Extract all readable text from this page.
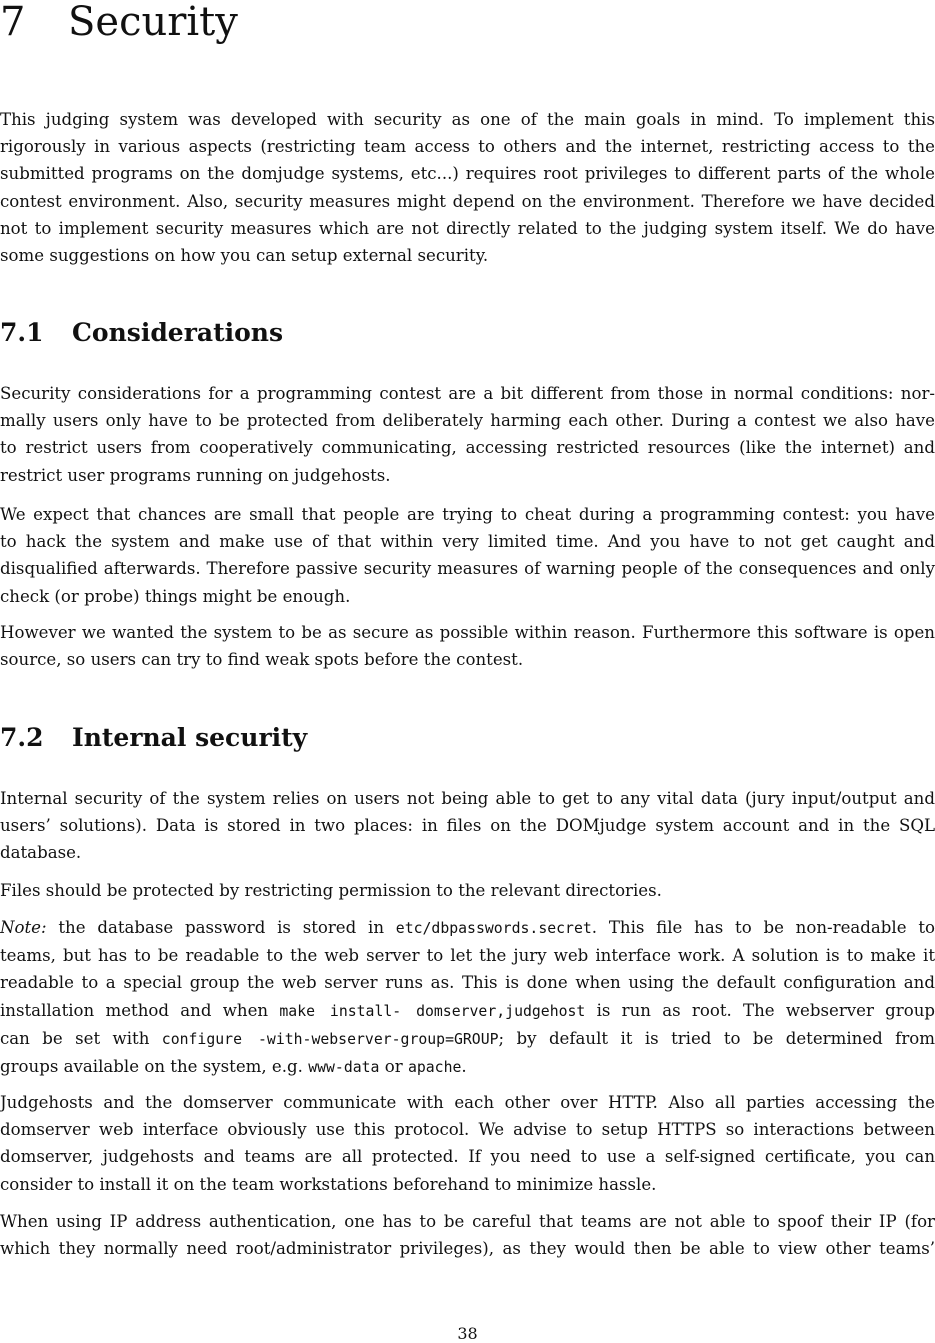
7 Security
This judging system was developed with security as one of the main goals in mind. To implement this
rigorously in various aspects (restricting team access to others and the internet, restricting access to the
submitted programs on the domjudge systems, etc...) requires root privileges to different parts of the whole
contest environment. Also, security measures might depend on the environment. Therefore we have decided
not to implement security measures which are not directly related to the judging system itself. We do have
some suggestions on how you can setup external security.
7.1 Considerations
Security considerations for a programming contest are a bit different from those in normal conditions: nor-
mally users only have to be protected from deliberately harming each other. During a contest we also have
to restrict users from cooperatively communicating, accessing restricted resources (like the internet) and
restrict user programs running on judgehosts.
We expect that chances are small that people are trying to cheat during a programming contest: you have
to hack the system and make use of that within very limited time. And you have to not get caught and
disqualified afterwards. Therefore passive security measures of warning people of the consequences and only
check (or probe) things might be enough.
However we wanted the system to be as secure as possible within reason. Furthermore this software is open
source, so users can try to find weak spots before the contest.
7.2 Internal security
Internal security of the system relies on users not being able to get to any vital data (jury input/output and
users’ solutions). Data is stored in two places: in files on the DOMjudge system account and in the SQL
database.
Files should be protected by restricting permission to the relevant directories.
Note: the database password is stored in etc/dbpasswords.secret. This file has to be non-readable to
teams, but has to be readable to the web server to let the jury web interface work. A solution is to make it
readable to a special group the web server runs as. This is done when using the default configuration and
installation method and when make install- domserver,judgehost is run as root. The webserver group
can be set with configure -with-webserver-group=GROUP; by default it is tried to be determined from
groups available on the system, e.g. www-data or apache.
Judgehosts and the domserver communicate with each other over HTTP. Also all parties accessing the
domserver web interface obviously use this protocol. We advise to setup HTTPS so interactions between
domserver, judgehosts and teams are all protected. If you need to use a self-signed certificate, you can
consider to install it on the team workstations beforehand to minimize hassle.
When using IP address authentication, one has to be careful that teams are not able to spoof their IP (for
which they normally need root/administrator privileges), as they would then be able to view other teams’
38
